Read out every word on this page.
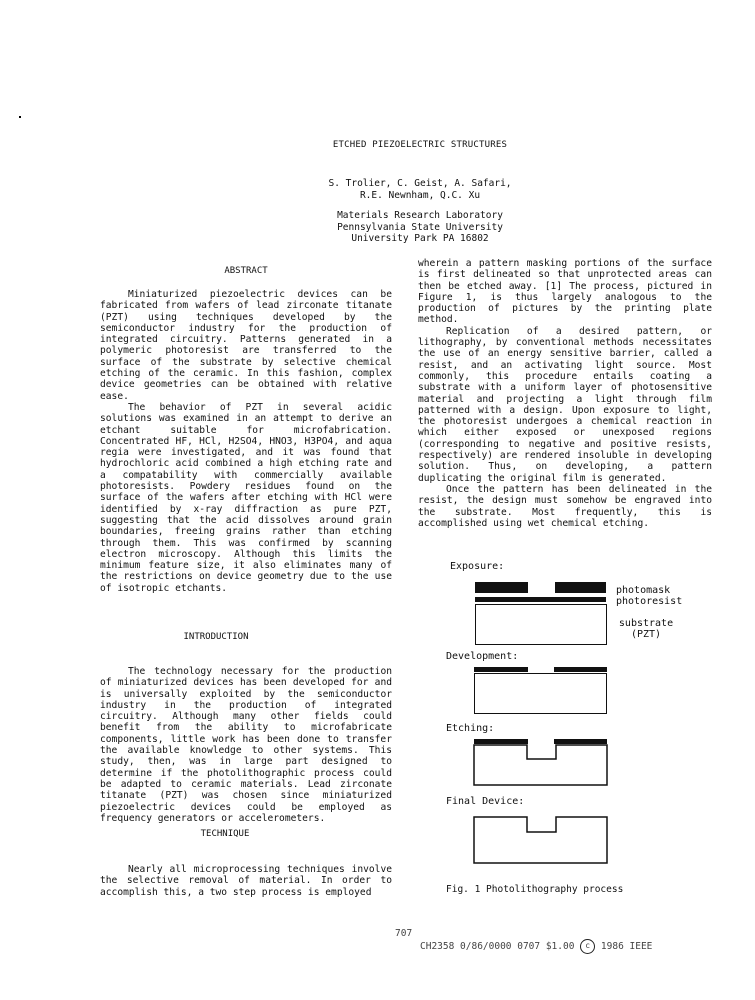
ETCHED PIEZOELECTRIC STRUCTURES
S. Trolier, C. Geist, A. Safari,
R.E. Newnham, Q.C. Xu
Materials Research Laboratory
Pennsylvania State University
University Park PA 16802
ABSTRACT

Miniaturized piezoelectric devices can be fabricated from wafers of lead zirconate titanate (PZT) using techniques developed by the semiconductor industry for the production of integrated circuitry. Patterns generated in a polymeric photoresist are transferred to the surface of the substrate by selective chemical etching of the ceramic. In this fashion, complex device geometries can be obtained with relative ease.

The behavior of PZT in several acidic solutions was examined in an attempt to derive an etchant suitable for microfabrication. Concentrated HF, HCl, H2SO4, HNO3, H3PO4, and aqua regia were investigated, and it was found that hydrochloric acid combined a high etching rate and a compatability with commercially available photoresists. Powdery residues found on the surface of the wafers after etching with HCl were identified by x-ray diffraction as pure PZT, suggesting that the acid dissolves around grain boundaries, freeing grains rather than etching through them. This was confirmed by scanning electron microscopy. Although this limits the minimum feature size, it also eliminates many of the restrictions on device geometry due to the use of isotropic etchants.

INTRODUCTION

The technology necessary for the production of miniaturized devices has been developed for and is universally exploited by the semiconductor industry in the production of integrated circuitry. Although many other fields could benefit from the ability to microfabricate components, little work has been done to transfer the available knowledge to other systems. This study, then, was in large part designed to determine if the photolithographic process could be adapted to ceramic materials. Lead zirconate titanate (PZT) was chosen since miniaturized piezoelectric devices could be employed as frequency generators or accelerometers.

TECHNIQUE

Nearly all microprocessing techniques involve the selective removal of material. In order to accomplish this, a two step process is employed

wherein a pattern masking portions of the surface is first delineated so that unprotected areas can then be etched away. [1] The process, pictured in Figure 1, is thus largely analogous to the production of pictures by the printing plate method.

Replication of a desired pattern, or lithography, by conventional methods necessitates the use of an energy sensitive barrier, called a resist, and an activating light source. Most commonly, this procedure entails coating a substrate with a uniform layer of photosensitive material and projecting a light through film patterned with a design. Upon exposure to light, the photoresist undergoes a chemical reaction in which either exposed or unexposed regions (corresponding to negative and positive resists, respectively) are rendered insoluble in developing solution. Thus, on developing, a pattern duplicating the original film is generated.

Once the pattern has been delineated in the resist, the design must somehow be engraved into the substrate. Most frequently, this is accomplished using wet chemical etching.

Exposure:
photomask
photoresist
substrate
(PZT)
Development:
Etching:
Final Device:
Fig. 1 Photolithography process
707
CH2358 0/86/0000 0707 $1.00 c 1986 IEEE
